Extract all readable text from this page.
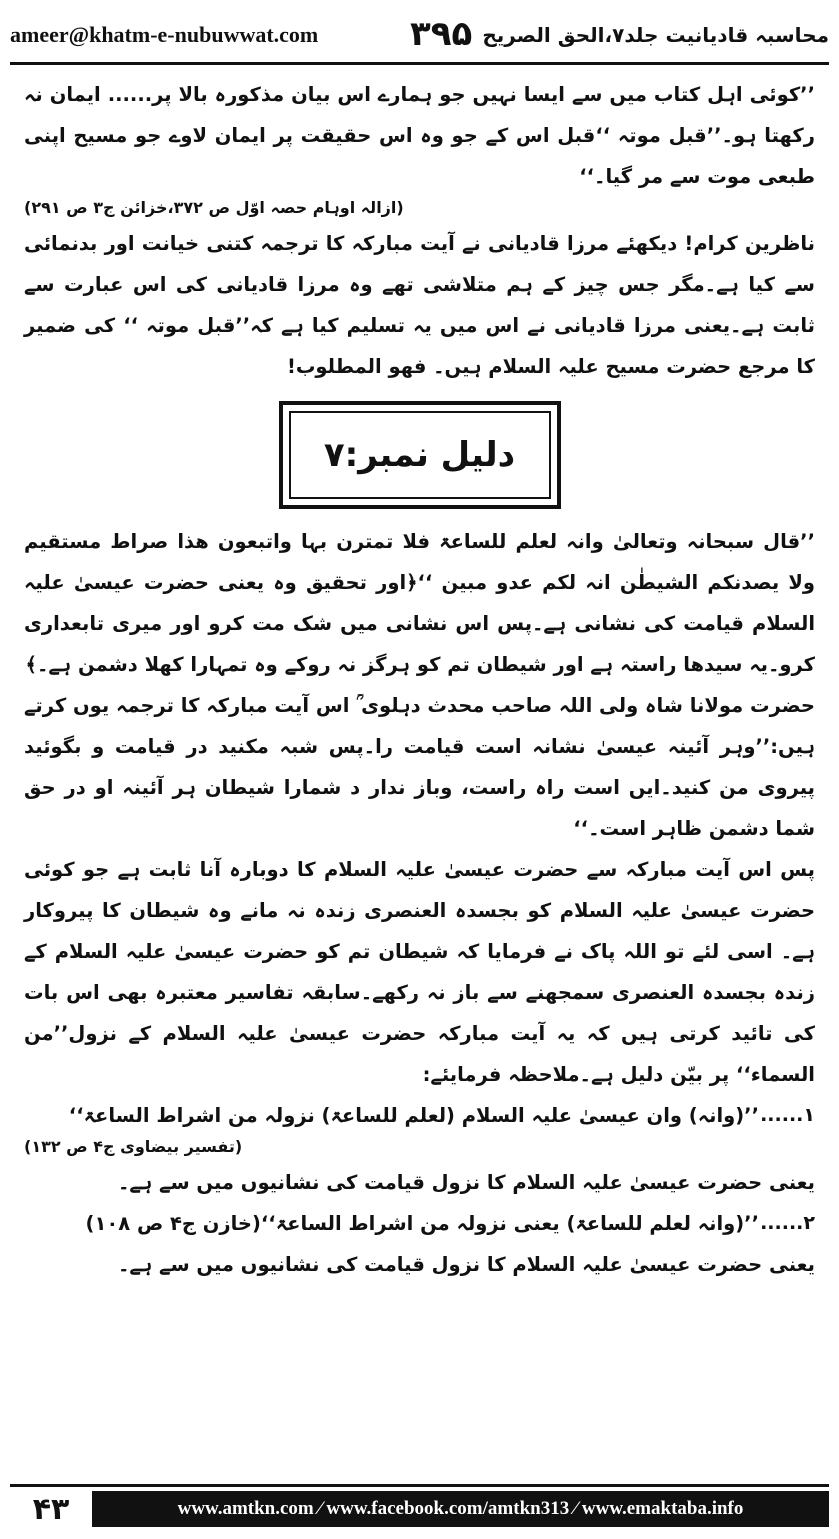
ameer@khatm-e-nubuwwat.com	۳۹۵ محاسبہ قادیانیت جلد۷،الحق الصریح

’’کوئی اہل کتاب میں سے ایسا نہیں جو ہمارے اس بیان مذکورہ بالا پر...... ایمان نہ رکھتا ہو۔’’قبل موتہ ‘‘قبل اس کے جو وہ اس حقیقت پر ایمان لاوے جو مسیح اپنی طبعی موت سے مر گیا۔‘‘

(ازالہ اوہام حصہ اوّل ص ۳۷۲،خزائن ج۳ ص ۲۹۱)

ناظرین کرام! دیکھئے مرزا قادیانی نے آیت مبارکہ کا ترجمہ کتنی خیانت اور بدنمائی سے کیا ہے۔مگر جس چیز کے ہم متلاشی تھے وہ مرزا قادیانی کی اس عبارت سے ثابت ہے۔یعنی مرزا قادیانی نے اس میں یہ تسلیم کیا ہے کہ’’قبل موتہ ‘‘ کی ضمیر کا مرجع حضرت مسیح علیہ السلام ہیں۔ فھو المطلوب!

دلیل نمبر:۷

’’قال سبحانہ وتعالیٰ وانہ لعلم للساعۃ فلا تمترن بہا واتبعون ھذا صراط مستقیم ولا یصدنکم الشیطٰن انہ لکم عدو مبین ‘‘﴿اور تحقیق وہ یعنی حضرت عیسیٰ علیہ السلام قیامت کی نشانی ہے۔پس اس نشانی میں شک مت کرو اور میری تابعداری کرو۔یہ سیدھا راستہ ہے اور شیطان تم کو ہرگز نہ روکے وہ تمہارا کھلا دشمن ہے۔﴾

حضرت مولانا شاہ ولی اللہ صاحب محدث دہلوی ؒ اس آیت مبارکہ کا ترجمہ یوں کرتے ہیں:’’وہر آئینہ عیسیٰ نشانہ است قیامت را۔پس شبہ مکنید در قیامت و بگوئید پیروی من کنید۔ایں است راہ راست، وباز ندار د شمارا شیطان ہر آئینہ او در حق شما دشمن ظاہر است۔‘‘

پس اس آیت مبارکہ سے حضرت عیسیٰ علیہ السلام کا دوبارہ آنا ثابت ہے جو کوئی حضرت عیسیٰ علیہ السلام کو بجسدہ العنصری زندہ نہ مانے وہ شیطان کا پیروکار ہے۔ اسی لئے تو اللہ پاک نے فرمایا کہ شیطان تم کو حضرت عیسیٰ علیہ السلام کے زندہ بجسدہ العنصری سمجھنے سے باز نہ رکھے۔سابقہ تفاسیر معتبرہ بھی اس بات کی تائید کرتی ہیں کہ یہ آیت مبارکہ حضرت عیسیٰ علیہ السلام کے نزول’’من السماء‘‘ پر بیّن دلیل ہے۔ملاحظہ فرمایئے:

۱......

’’(وانہ) وان عیسیٰ علیہ السلام (لعلم للساعۃ) نزولہ من اشراط الساعۃ‘‘

(تفسیر بیضاوی ج۴ ص ۱۳۲)

یعنی حضرت عیسیٰ علیہ السلام کا نزول قیامت کی نشانیوں میں سے ہے۔

۲......

’’(وانہ لعلم للساعۃ) یعنی نزولہ من اشراط الساعۃ‘‘(خازن ج۴ ص ۱۰۸)

یعنی حضرت عیسیٰ علیہ السلام کا نزول قیامت کی نشانیوں میں سے ہے۔

۴۳	www.amtkn.com ⁄ www.facebook.com/amtkn313 ⁄ www.emaktaba.info
